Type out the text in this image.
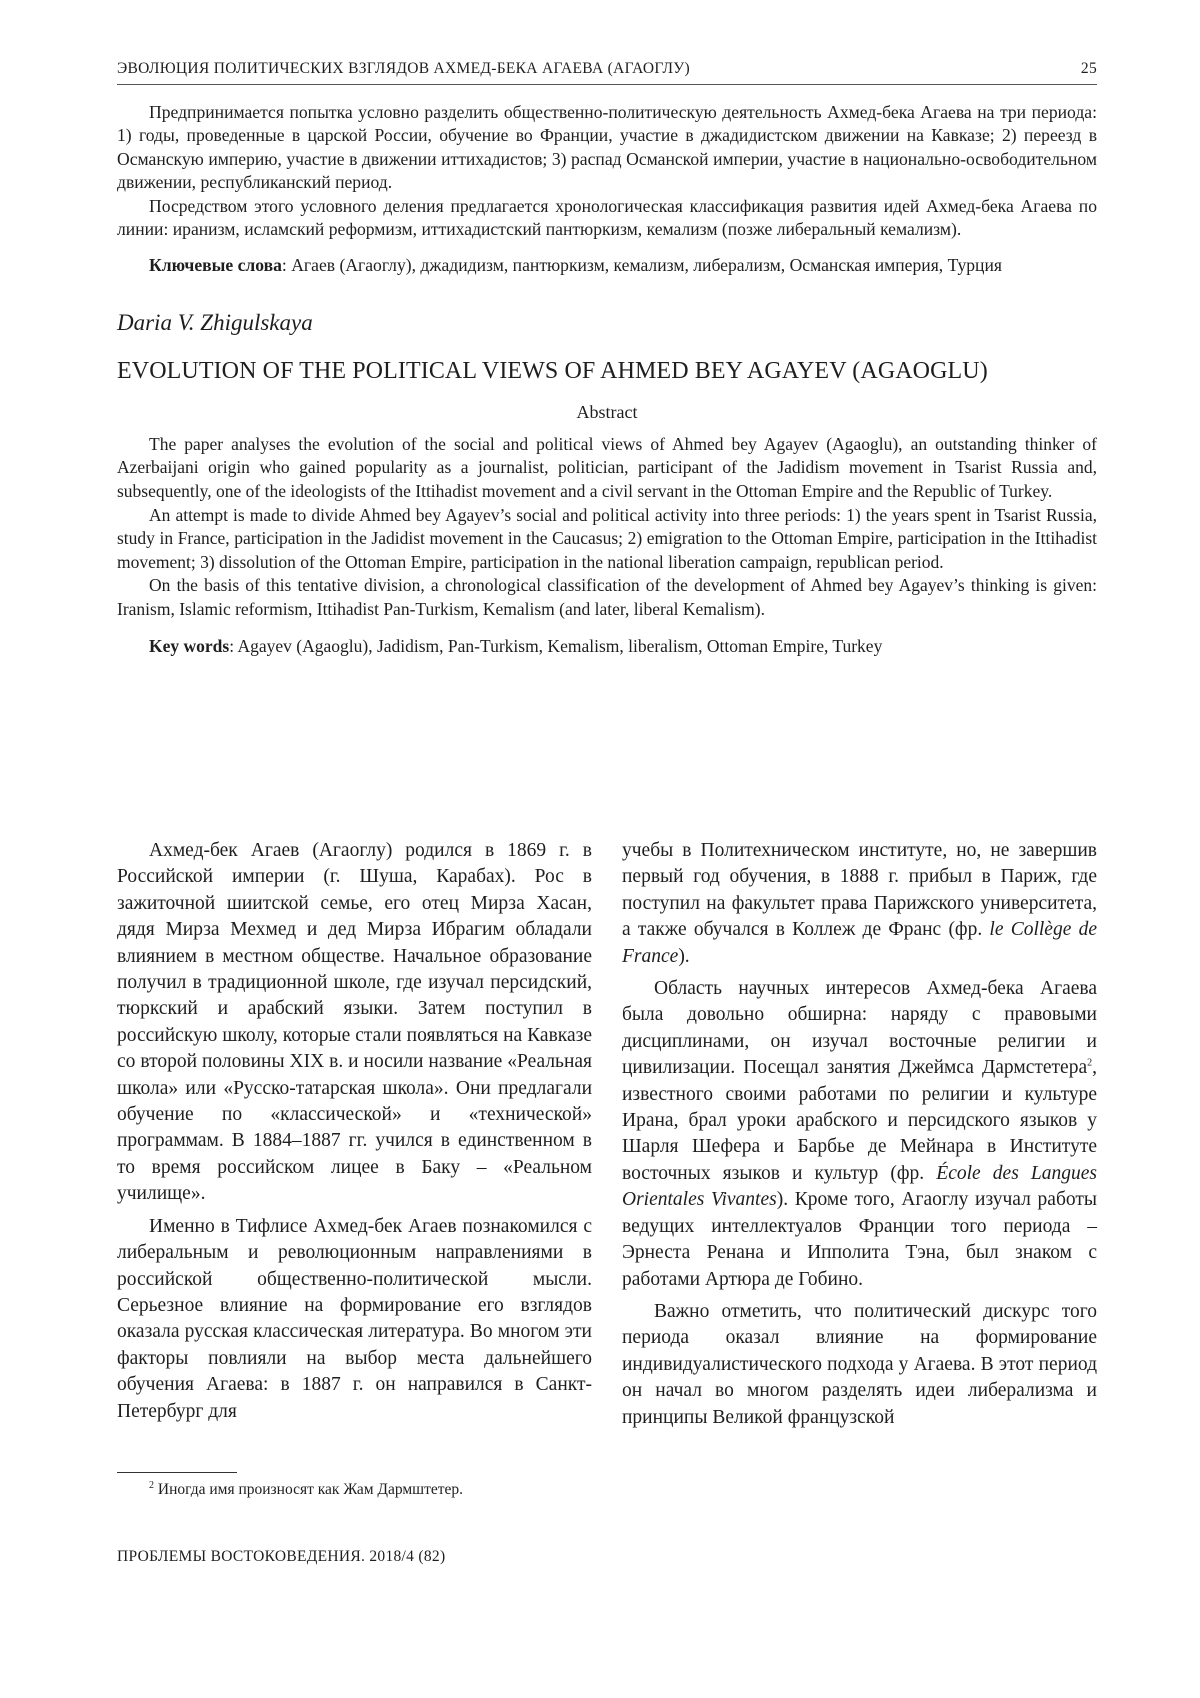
ЭВОЛЮЦИЯ ПОЛИТИЧЕСКИХ ВЗГЛЯДОВ АХМЕД-БЕКА АГАЕВА (АГАОГЛУ)	25

Предпринимается попытка условно разделить общественно-политическую деятельность Ахмед-бека Агаева на три периода: 1) годы, проведенные в царской России, обучение во Франции, участие в джадидистском движении на Кавказе; 2) переезд в Османскую империю, участие в движении иттихадистов; 3) распад Османской империи, участие в национально-освободительном движении, республиканский период.

Посредством этого условного деления предлагается хронологическая классификация развития идей Ахмед-бека Агаева по линии: иранизм, исламский реформизм, иттихадистский пантюркизм, кемализм (позже либеральный кемализм).

Ключевые слова: Агаев (Агаоглу), джадидизм, пантюркизм, кемализм, либерализм, Османская империя, Турция

Daria V. Zhigulskaya
EVOLUTION OF THE POLITICAL VIEWS OF AHMED BEY AGAYEV (AGAOGLU)
Abstract

The paper analyses the evolution of the social and political views of Ahmed bey Agayev (Agaoglu), an outstanding thinker of Azerbaijani origin who gained popularity as a journalist, politician, participant of the Jadidism movement in Tsarist Russia and, subsequently, one of the ideologists of the Ittihadist movement and a civil servant in the Ottoman Empire and the Republic of Turkey.

An attempt is made to divide Ahmed bey Agayev’s social and political activity into three periods: 1) the years spent in Tsarist Russia, study in France, participation in the Jadidist movement in the Caucasus; 2) emigration to the Ottoman Empire, participation in the Ittihadist movement; 3) dissolution of the Ottoman Empire, participation in the national liberation campaign, republican period.

On the basis of this tentative division, a chronological classification of the development of Ahmed bey Agayev’s thinking is given: Iranism, Islamic reformism, Ittihadist Pan-Turkism, Kemalism (and later, liberal Kemalism).

Key words: Agayev (Agaoglu), Jadidism, Pan-Turkism, Kemalism, liberalism, Ottoman Empire, Turkey

Ахмед-бек Агаев (Агаоглу) родился в 1869 г. в Российской империи (г. Шуша, Карабах). Рос в зажиточной шиитской семье, его отец Мирза Хасан, дядя Мирза Мехмед и дед Мирза Ибрагим обладали влиянием в местном обществе. Начальное образование получил в традиционной школе, где изучал персидский, тюркский и арабский языки. Затем поступил в российскую школу, которые стали появляться на Кавказе со второй половины XIX в. и носили название «Реальная школа» или «Русско-татарская школа». Они предлагали обучение по «классической» и «технической» программам. В 1884–1887 гг. учился в единственном в то время российском лицее в Баку – «Реальном училище».

Именно в Тифлисе Ахмед-бек Агаев познакомился с либеральным и революционным направлениями в российской общественно-политической мысли. Серьезное влияние на формирование его взглядов оказала русская классическая литература. Во многом эти факторы повлияли на выбор места дальнейшего обучения Агаева: в 1887 г. он направился в Санкт-Петербург для

учебы в Политехническом институте, но, не завершив первый год обучения, в 1888 г. прибыл в Париж, где поступил на факультет права Парижского университета, а также обучался в Коллеж де Франс (фр. le Collège de France).

Область научных интересов Ахмед-бека Агаева была довольно обширна: наряду с правовыми дисциплинами, он изучал восточные религии и цивилизации. Посещал занятия Джеймса Дармстетера$^2$, известного своими работами по религии и культуре Ирана, брал уроки арабского и персидского языков у Шарля Шефера и Барбье де Мейнара в Институте восточных языков и культур (фр. École des Langues Orientales Vivantes). Кроме того, Агаоглу изучал работы ведущих интеллектуалов Франции того периода – Эрнеста Ренана и Ипполита Тэна, был знаком с работами Артюра де Гобино.

Важно отметить, что политический дискурс того периода оказал влияние на формирование индивидуалистического подхода у Агаева. В этот период он начал во многом разделять идеи либерализма и принципы Великой французской

$^2$ Иногда имя произносят как Жам Дармштетер.
ПРОБЛЕМЫ ВОСТОКОВЕДЕНИЯ. 2018/4 (82)
